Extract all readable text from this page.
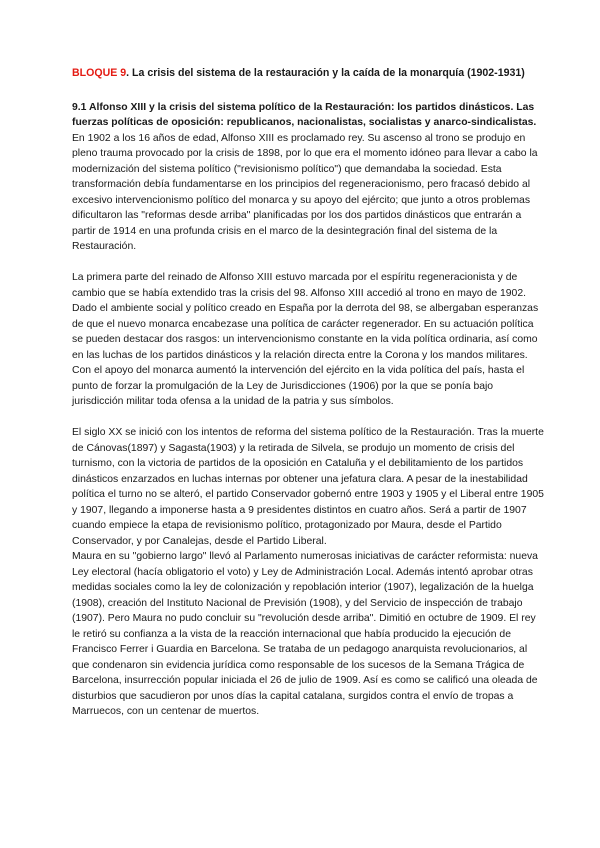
BLOQUE 9. La crisis del sistema de la restauración y la caída de la monarquía (1902-1931)

9.1 Alfonso XIII y la crisis del sistema político de la Restauración: los partidos dinásticos. Las fuerzas políticas de oposición: republicanos, nacionalistas, socialistas y anarco-sindicalistas.

En 1902 a los 16 años de edad, Alfonso XIII es proclamado rey. Su ascenso al trono se produjo en pleno trauma provocado por la crisis de 1898, por lo que era el momento idóneo para llevar a cabo la modernización del sistema político ("revisionismo político") que demandaba la sociedad. Esta transformación debía fundamentarse en los principios del regeneracionismo, pero fracasó debido al excesivo intervencionismo político del monarca y su apoyo del ejército; que junto a otros problemas dificultaron las "reformas desde arriba" planificadas por los dos partidos dinásticos que entrarán a partir de 1914 en una profunda crisis en el marco de la desintegración final del sistema de la Restauración.

La primera parte del reinado de Alfonso XIII estuvo marcada por el espíritu regeneracionista y de cambio que se había extendido tras la crisis del 98. Alfonso XIII accedió al trono en mayo de 1902. Dado el ambiente social y político creado en España por la derrota del 98, se albergaban esperanzas de que el nuevo monarca encabezase una política de carácter regenerador. En su actuación política se pueden destacar dos rasgos: un intervencionismo constante en la vida política ordinaria, así como en las luchas de los partidos dinásticos y la relación directa entre la Corona y los mandos militares. Con el apoyo del monarca aumentó la intervención del ejército en la vida política del país, hasta el punto de forzar la promulgación de la Ley de Jurisdicciones (1906) por la que se ponía bajo jurisdicción militar toda ofensa a la unidad de la patria y sus símbolos.

El siglo XX se inició con los intentos de reforma del sistema político de la Restauración. Tras la muerte de Cánovas(1897) y Sagasta(1903) y la retirada de Silvela, se produjo un momento de crisis del turnismo, con la victoria de partidos de la oposición en Cataluña y el debilitamiento de los partidos dinásticos enzarzados en luchas internas por obtener una jefatura clara. A pesar de la inestabilidad política el turno no se alteró, el partido Conservador gobernó entre 1903 y 1905 y el Liberal entre 1905 y 1907, llegando a imponerse hasta a 9 presidentes distintos en cuatro años. Será a partir de 1907 cuando empiece la etapa de revisionismo político, protagonizado por Maura, desde el Partido Conservador, y por Canalejas, desde el Partido Liberal.

Maura en su "gobierno largo" llevó al Parlamento numerosas iniciativas de carácter reformista: nueva Ley electoral (hacía obligatorio el voto) y Ley de Administración Local. Además intentó aprobar otras medidas sociales como la ley de colonización y repoblación interior (1907), legalización de la huelga (1908), creación del Instituto Nacional de Previsión (1908), y del Servicio de inspección de trabajo (1907). Pero Maura no pudo concluir su "revolución desde arriba". Dimitió en octubre de 1909. El rey le retiró su confianza a la vista de la reacción internacional que había producido la ejecución de Francisco Ferrer i Guardia en Barcelona. Se trataba de un pedagogo anarquista revolucionarios, al que condenaron sin evidencia jurídica como responsable de los sucesos de la Semana Trágica de Barcelona, insurrección popular iniciada el 26 de julio de 1909. Así es como se calificó una oleada de disturbios que sacudieron por unos días la capital catalana, surgidos contra el envío de tropas a Marruecos, con un centenar de muertos.
